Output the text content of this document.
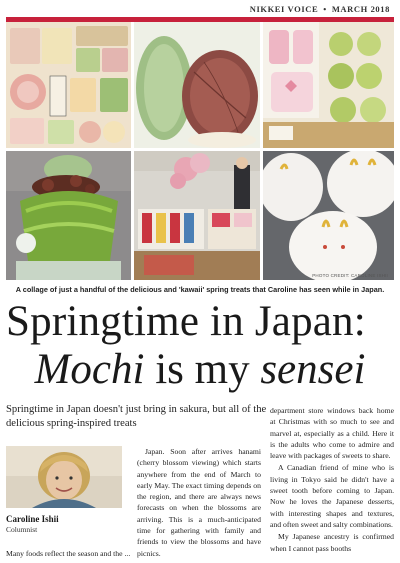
NIKKEI VOICE • MARCH 2018
PHOTO CREDIT: CAROLINE ISHII
A collage of just a handful of the delicious and 'kawaii' spring treats that Caroline has seen while in Japan.
Springtime in Japan:
Mochi is my sensei
Springtime in Japan doesn't just bring in sakura, but all of the delicious spring-inspired treats
Caroline Ishii
Columnist

Japan. Soon after arrives hanami (cherry blossom viewing) which starts anywhere from the end of March to early May. The exact timing depends on the region, and there are always news forecasts on when the blossoms are arriving. This is a much-anticipated time for gathering with family and friends to view the blossoms and have picnics.

department store windows back home at Christmas with so much to see and marvel at, especially as a child. Here it is the adults who come to admire and leave with packages of sweets to share.

A Canadian friend of mine who is living in Tokyo said he didn't have a sweet tooth before coming to Japan. Now he loves the Japanese desserts, with interesting shapes and textures, and often sweet and salty combinations.

My Japanese ancestry is confirmed when I cannot pass booths

Many foods reflect the season and the ...
